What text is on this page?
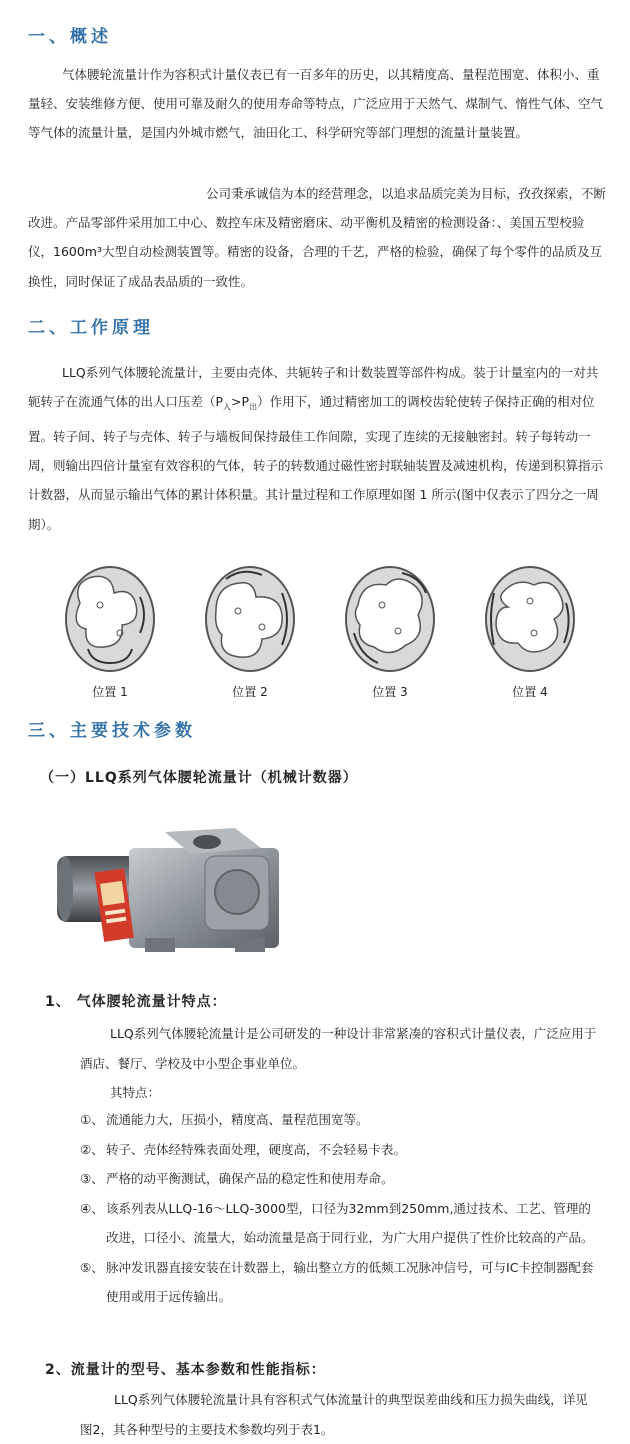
一、概述

气体腰轮流量计作为容积式计量仪表已有一百多年的历史，以其精度高、量程范围宽、体积小、重量轻、安装维修方便、使用可靠及耐久的使用寿命等特点，广泛应用于天然气、煤制气、惰性气体、空气等气体的流量计量，是国内外城市燃气，油田化工、科学研究等部门理想的流量计量装置。

公司秉承诚信为本的经营理念，以追求品质完美为目标，孜孜探索，不断改进。产品零部件采用加工中心、数控车床及精密磨床、动平衡机及精密的检测设备：、美国五型校验仪，1600m³大型自动检测装置等。精密的设备，合理的千艺，严格的检验，确保了每个零件的品质及互换性，同时保证了成品表品质的一致性。

二、工作原理

LLQ系列气体腰轮流量计，主要由壳体、共轭转子和计数装置等部件构成。装于计量室内的一对共轭转子在流通气体的出人口压差$(P_入>P_出)$作用下，通过精密加工的调校齿轮使转子保持正确的相对位置。转子间、转子与壳体、转子与墙板间保持最佳工作间隙，实现了连续的无接触密封。转子每转动一周，则输出四倍计量室有效容积的气体，转子的转数通过磁性密封联轴装置及减速机构，传递到积算指示计数器，从而显示输出气体的累计体积量。其计量过程和工作原理如图 1 所示(图中仅表示了四分之一周期）。

位置 1	位置 2	位置 3	位置 4
三、主要技术参数
（一）LLQ系列气体腰轮流量计（机械计数器）
1、 气体腰轮流量计特点：

LLQ系列气体腰轮流量计是公司研发的一种设计非常紧凑的容积式计量仪表，广泛应用于酒店、餐厅、学校及中小型企事业单位。

其特点：

①、 流通能力大，压损小，精度高、量程范围宽等。
②、 转子、壳体经特殊表面处理，硬度高，不会轻易卡表。
③、 严格的动平衡测试，确保产品的稳定性和使用寿命。
④、 该系列表从LLQ-16～LLQ-3000型，口径为32mm到250mm,通过技术、工艺、管理的改进，口径小、流量大，始动流量是高于同行业，为广大用户提供了性价比较高的产品。
⑤、 脉冲发讯器直接安装在计数器上，输出整立方的低频工况脉冲信号，可与IC卡控制器配套使用或用于远传输出。
2、流量计的型号、基本参数和性能指标：

LLQ系列气体腰轮流量计具有容积式气体流量计的典型误差曲线和压力损失曲线，详见图2，其各种型号的主要技术参数均列于表1。
